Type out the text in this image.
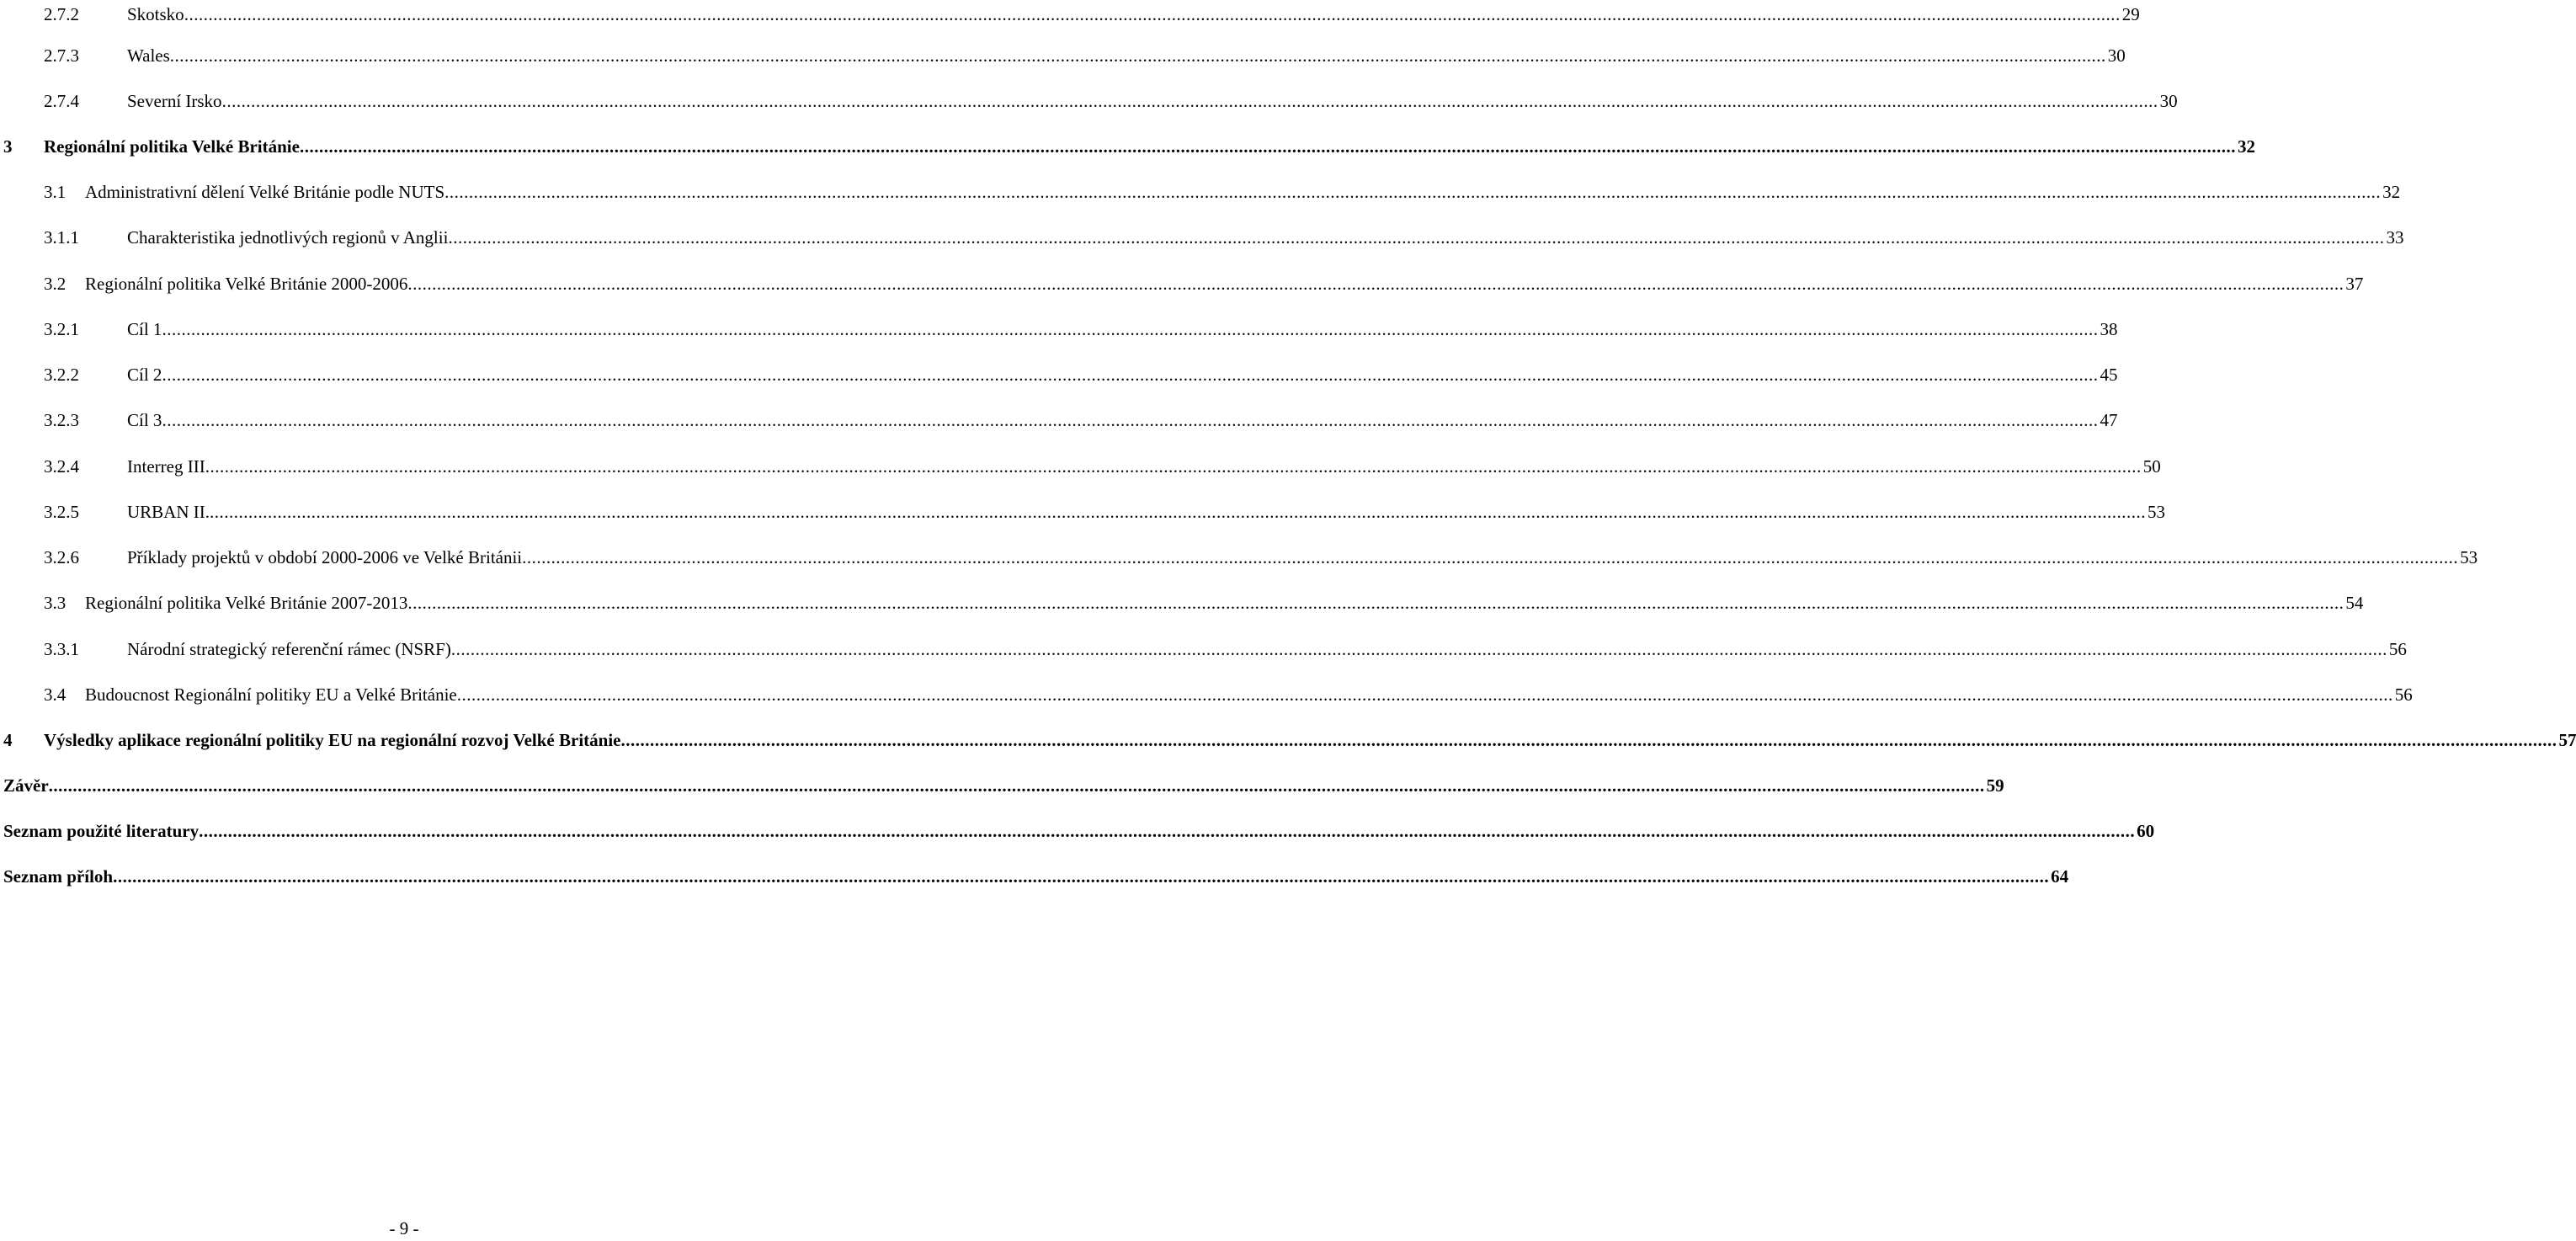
2.7.2	Skotsko ................................................................................................................................................................................................................................................................................................................................................................................................................ 29
2.7.3	Wales ................................................................................................................................................................................................................................................................................................................................................................................................................ 30
2.7.4	Severní Irsko ................................................................................................................................................................................................................................................................................................................................................................................................................ 30
3 Regionální politika Velké Británie ................................................................................................................................................................................................................................................................................................................................................................................................................ 32
3.1 Administrativní dělení Velké Británie podle NUTS ................................................................................................................................................................................................................................................................................................................................................................................................................ 32
3.1.1	Charakteristika jednotlivých regionů v Anglii ................................................................................................................................................................................................................................................................................................................................................................................................................ 33
3.2 Regionální politika Velké Británie 2000-2006 ................................................................................................................................................................................................................................................................................................................................................................................................................ 37
3.2.1	Cíl 1 ................................................................................................................................................................................................................................................................................................................................................................................................................ 38
3.2.2	Cíl 2 ................................................................................................................................................................................................................................................................................................................................................................................................................ 45
3.2.3	Cíl 3 ................................................................................................................................................................................................................................................................................................................................................................................................................ 47
3.2.4	Interreg III ................................................................................................................................................................................................................................................................................................................................................................................................................ 50
3.2.5	URBAN II. ................................................................................................................................................................................................................................................................................................................................................................................................................ 53
3.2.6	Příklady projektů v období 2000-2006 ve Velké Británii ................................................................................................................................................................................................................................................................................................................................................................................................................ 53
3.3 Regionální politika Velké Británie 2007-2013 ................................................................................................................................................................................................................................................................................................................................................................................................................ 54
3.3.1	Národní strategický referenční rámec (NSRF) ................................................................................................................................................................................................................................................................................................................................................................................................................ 56
3.4 Budoucnost Regionální politiky EU a Velké Británie ................................................................................................................................................................................................................................................................................................................................................................................................................ 56
4 Výsledky aplikace regionální politiky EU na regionální rozvoj Velké Británie ................................................................................................................................................................................................................................................................................................................................................................................................................ 57
Závěr ................................................................................................................................................................................................................................................................................................................................................................................................................ 59
Seznam použité literatury ................................................................................................................................................................................................................................................................................................................................................................................................................ 60
Seznam příloh ................................................................................................................................................................................................................................................................................................................................................................................................................ 64
- 9 -
